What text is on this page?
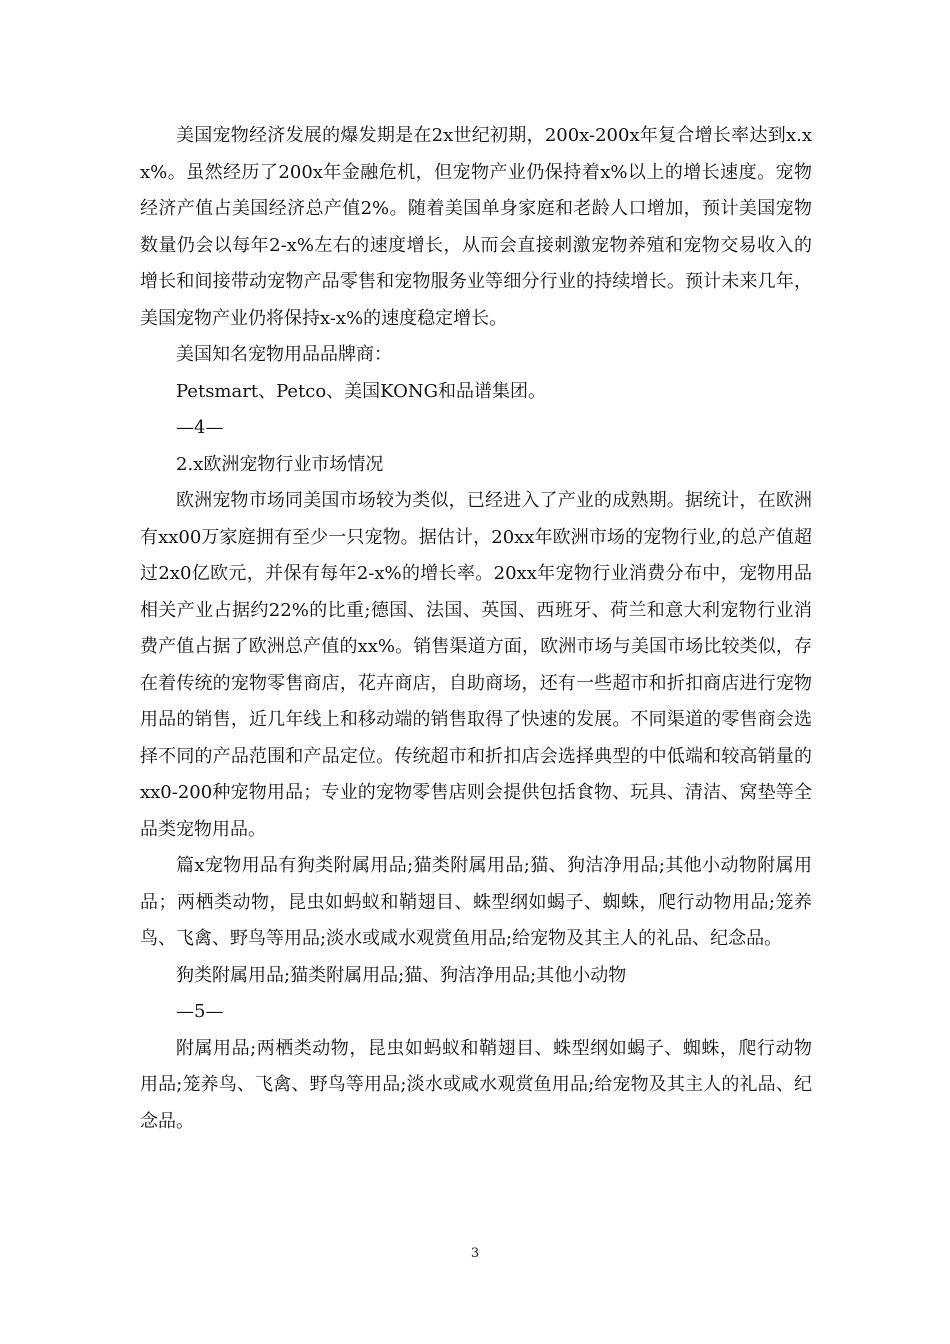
美国宠物经济发展的爆发期是在2x世纪初期，200x-200x年复合增长率达到x.xx%。虽然经历了200x年金融危机，但宠物产业仍保持着x%以上的增长速度。宠物经济产值占美国经济总产值2%。随着美国单身家庭和老龄人口增加，预计美国宠物数量仍会以每年2-x%左右的速度增长，从而会直接刺激宠物养殖和宠物交易收入的增长和间接带动宠物产品零售和宠物服务业等细分行业的持续增长。预计未来几年，美国宠物产业仍将保持x-x%的速度稳定增长。

美国知名宠物用品品牌商：

Petsmart、Petco、美国KONG和品谱集团。

—4—

2.x欧洲宠物行业市场情况

欧洲宠物市场同美国市场较为类似，已经进入了产业的成熟期。据统计，在欧洲有xx00万家庭拥有至少一只宠物。据估计，20xx年欧洲市场的宠物行业,的总产值超过2x0亿欧元，并保有每年2-x%的增长率。20xx年宠物行业消费分布中，宠物用品相关产业占据约22%的比重;德国、法国、英国、西班牙、荷兰和意大利宠物行业消费产值占据了欧洲总产值的xx%。销售渠道方面，欧洲市场与美国市场比较类似，存在着传统的宠物零售商店，花卉商店，自助商场，还有一些超市和折扣商店进行宠物用品的销售，近几年线上和移动端的销售取得了快速的发展。不同渠道的零售商会选择不同的产品范围和产品定位。传统超市和折扣店会选择典型的中低端和较高销量的xx0-200种宠物用品；专业的宠物零售店则会提供包括食物、玩具、清洁、窝垫等全品类宠物用品。

篇x宠物用品有狗类附属用品;猫类附属用品;猫、狗洁净用品;其他小动物附属用品；两栖类动物，昆虫如蚂蚁和鞘翅目、蛛型纲如蝎子、蜘蛛，爬行动物用品;笼养鸟、飞禽、野鸟等用品;淡水或咸水观赏鱼用品;给宠物及其主人的礼品、纪念品。

狗类附属用品;猫类附属用品;猫、狗洁净用品;其他小动物

—5—

附属用品;两栖类动物，昆虫如蚂蚁和鞘翅目、蛛型纲如蝎子、蜘蛛，爬行动物用品;笼养鸟、飞禽、野鸟等用品;淡水或咸水观赏鱼用品;给宠物及其主人的礼品、纪念品。

3
